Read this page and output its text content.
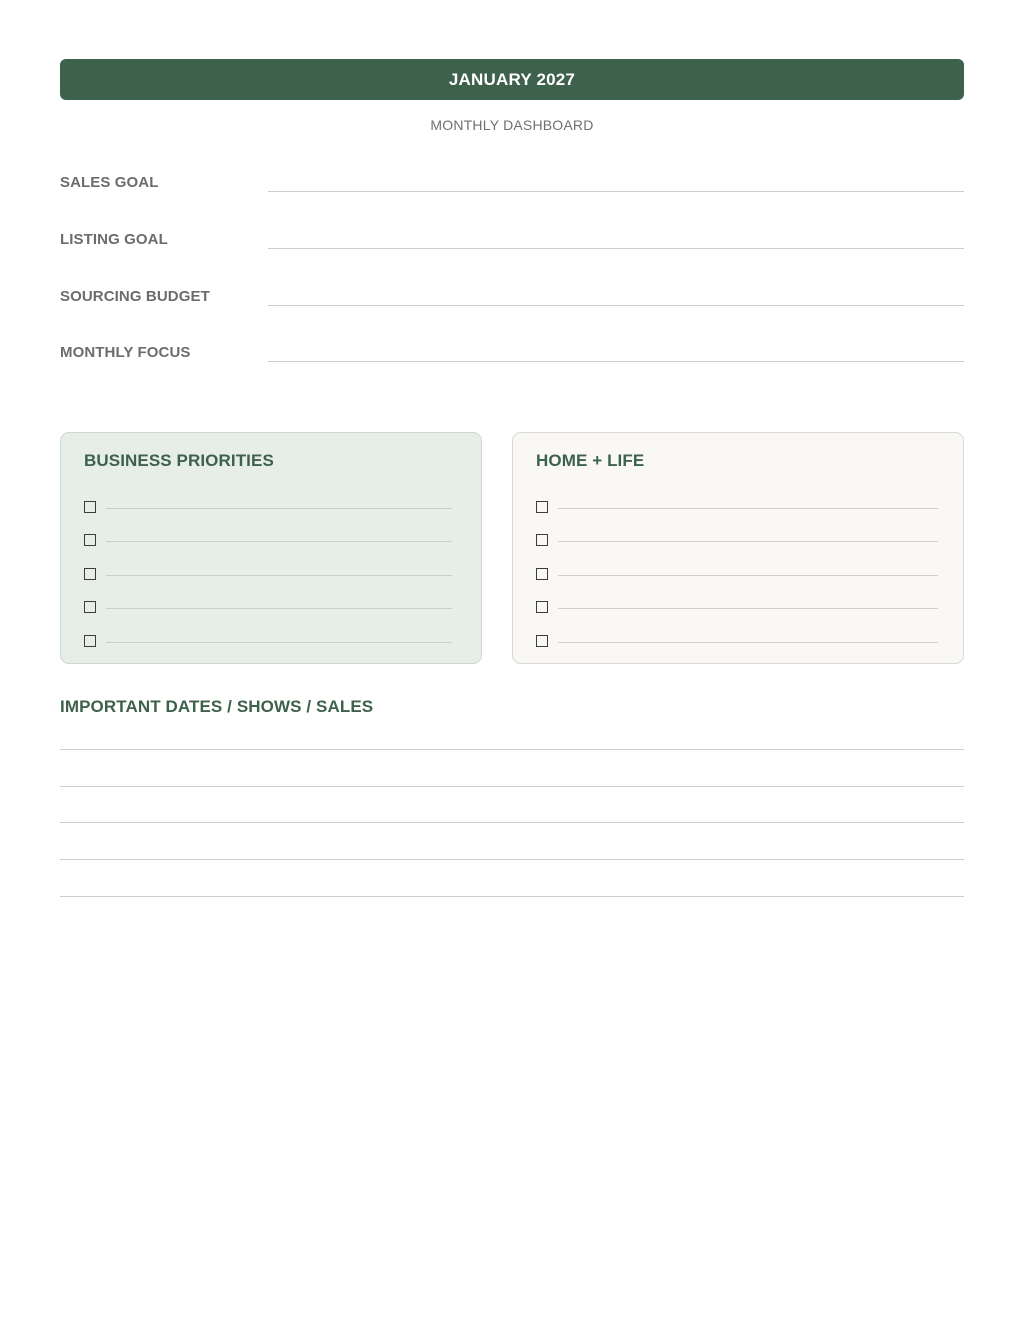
JANUARY 2027
MONTHLY DASHBOARD
SALES GOAL
LISTING GOAL
SOURCING BUDGET
MONTHLY FOCUS
BUSINESS PRIORITIES	HOME + LIFE
IMPORTANT DATES / SHOWS / SALES
